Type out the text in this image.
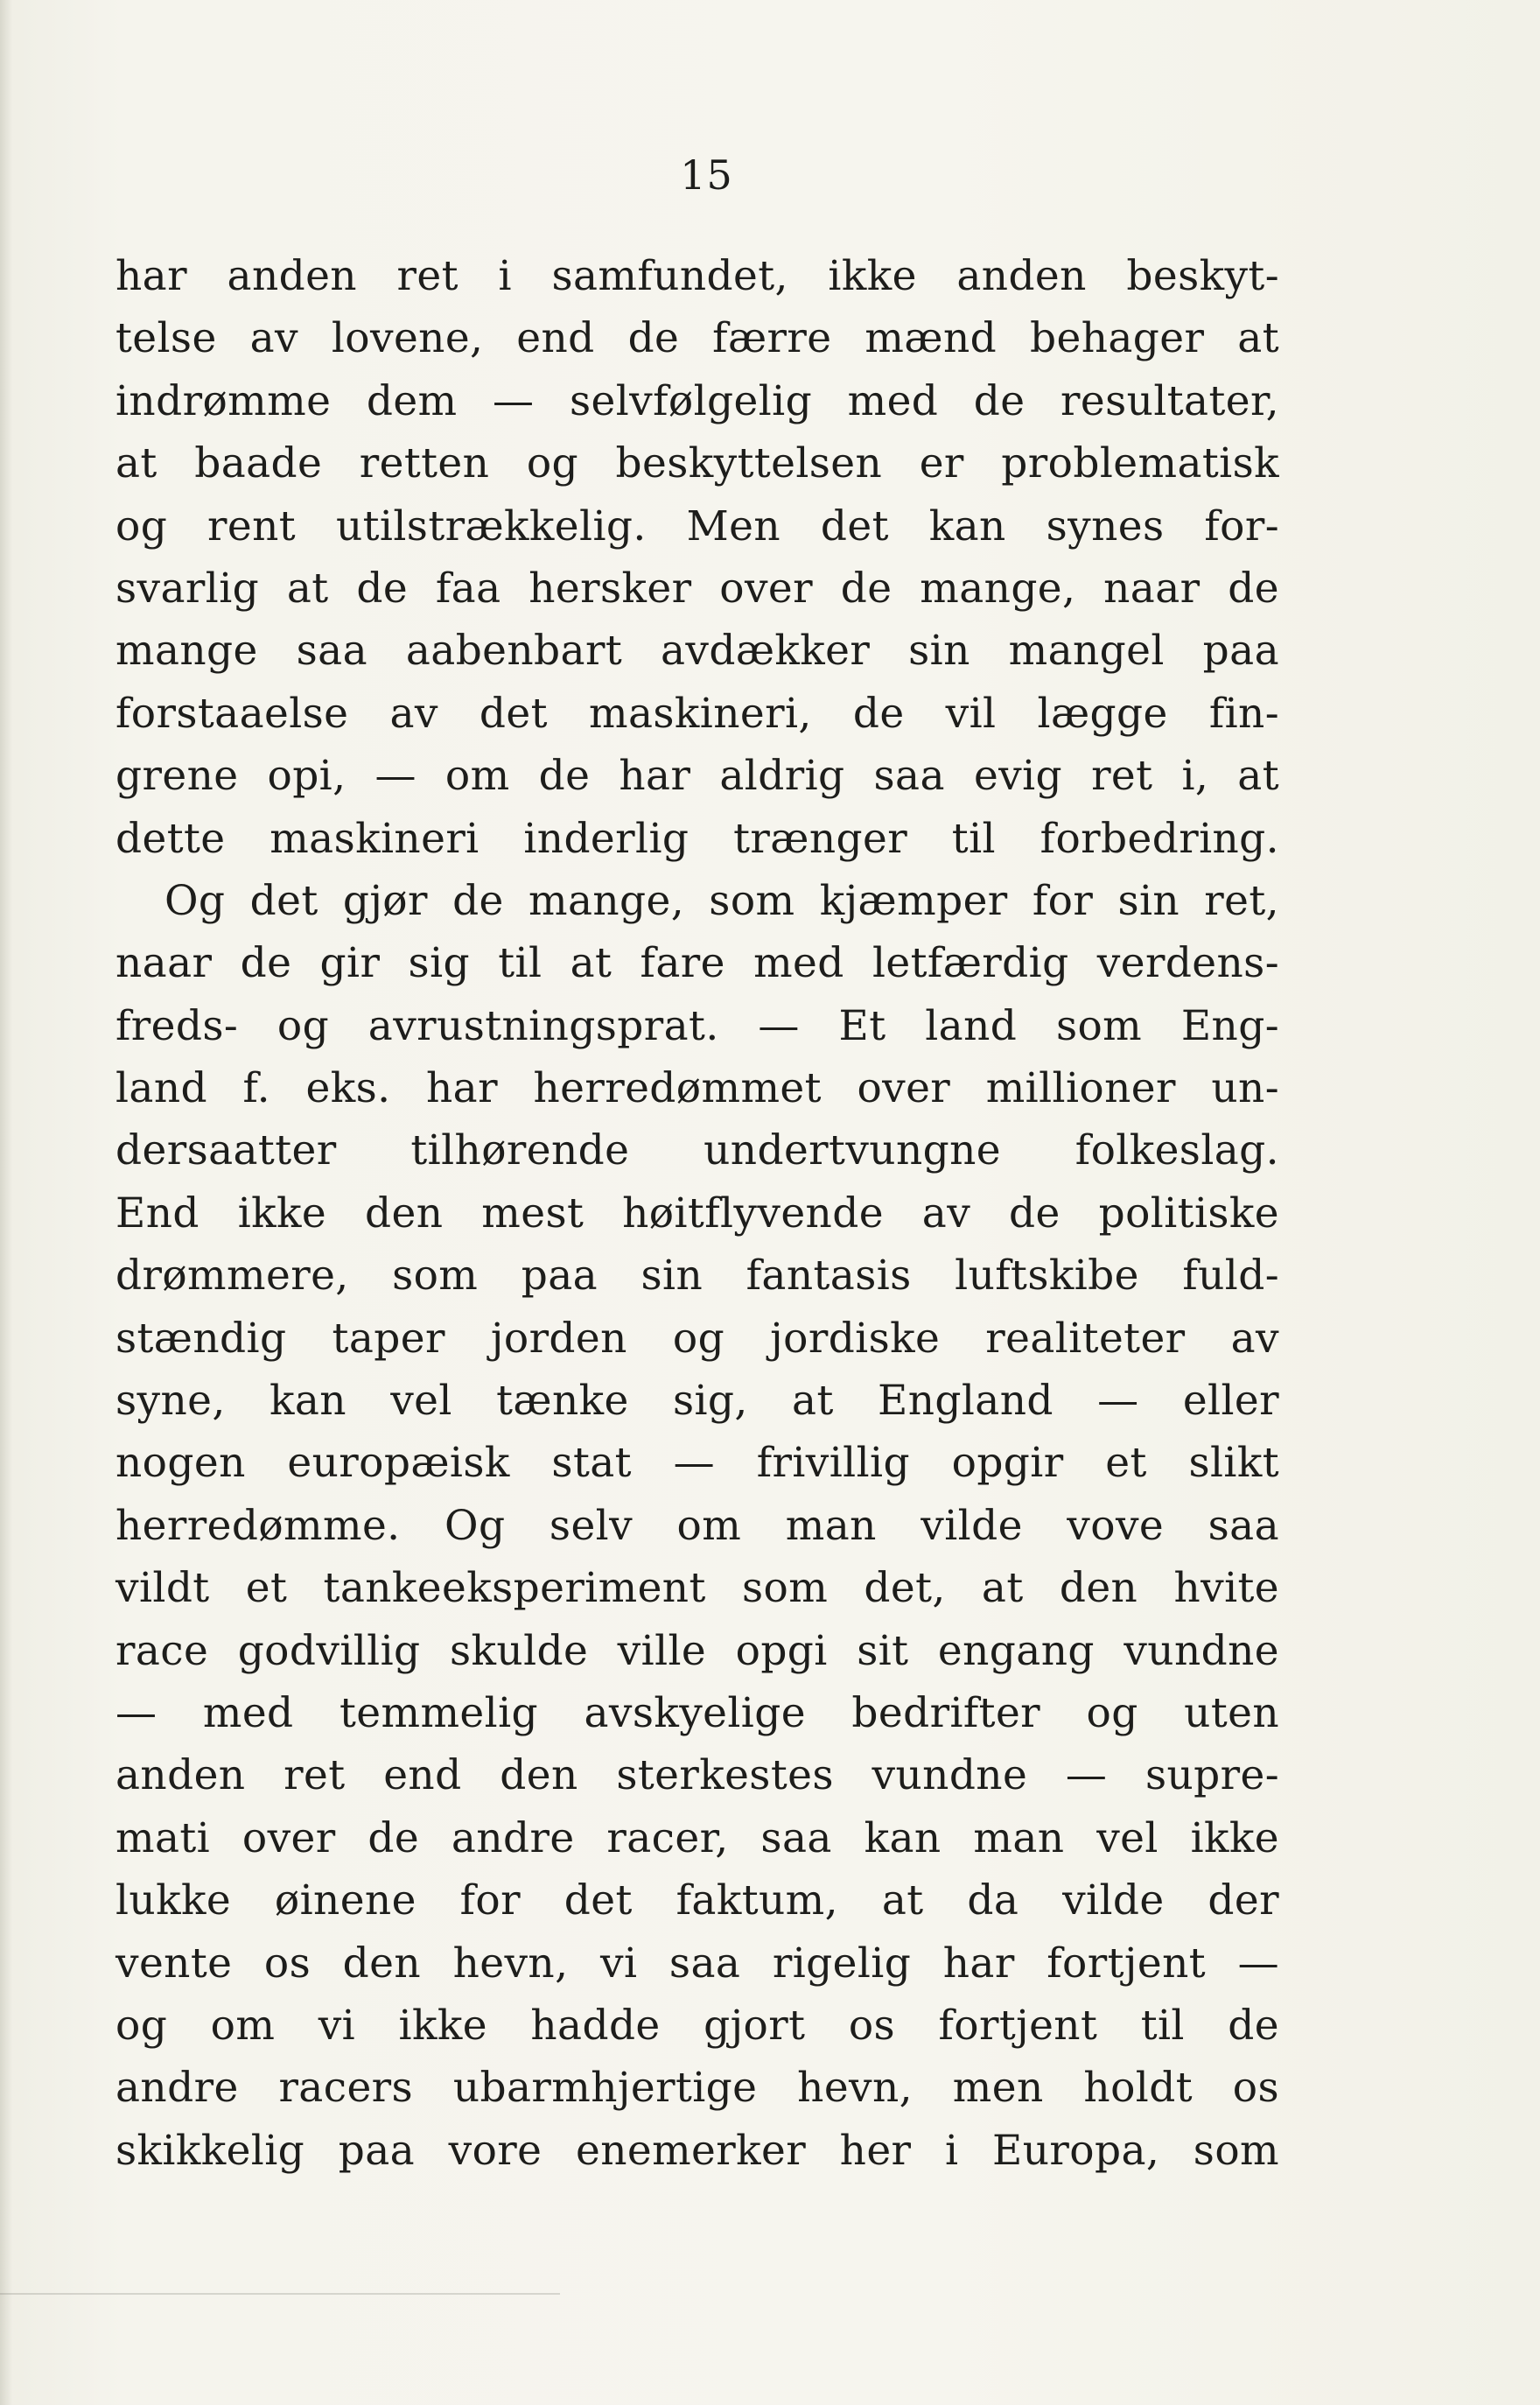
15
har anden ret i samfundet, ikke anden beskyt-
telse av lovene, end de færre mænd behager at
indrømme dem — selvfølgelig med de resultater,
at baade retten og beskyttelsen er problematisk
og rent utilstrækkelig. Men det kan synes for-
svarlig at de faa hersker over de mange, naar de
mange saa aabenbart avdækker sin mangel paa
forstaaelse av det maskineri, de vil lægge fin-
grene opi, — om de har aldrig saa evig ret i, at
dette maskineri inderlig trænger til forbedring.
Og det gjør de mange, som kjæmper for sin ret,
naar de gir sig til at fare med letfærdig verdens-
freds- og avrustningsprat. — Et land som Eng-
land f. eks. har herredømmet over millioner un-
dersaatter tilhørende undertvungne folkeslag.
End ikke den mest høitflyvende av de politiske
drømmere, som paa sin fantasis luftskibe fuld-
stændig taper jorden og jordiske realiteter av
syne, kan vel tænke sig, at England — eller
nogen europæisk stat — frivillig opgir et slikt
herredømme. Og selv om man vilde vove saa
vildt et tankeeksperiment som det, at den hvite
race godvillig skulde ville opgi sit engang vundne
— med temmelig avskyelige bedrifter og uten
anden ret end den sterkestes vundne — supre-
mati over de andre racer, saa kan man vel ikke
lukke øinene for det faktum, at da vilde der
vente os den hevn, vi saa rigelig har fortjent —
og om vi ikke hadde gjort os fortjent til de
andre racers ubarmhjertige hevn, men holdt os
skikkelig paa vore enemerker her i Europa, som
